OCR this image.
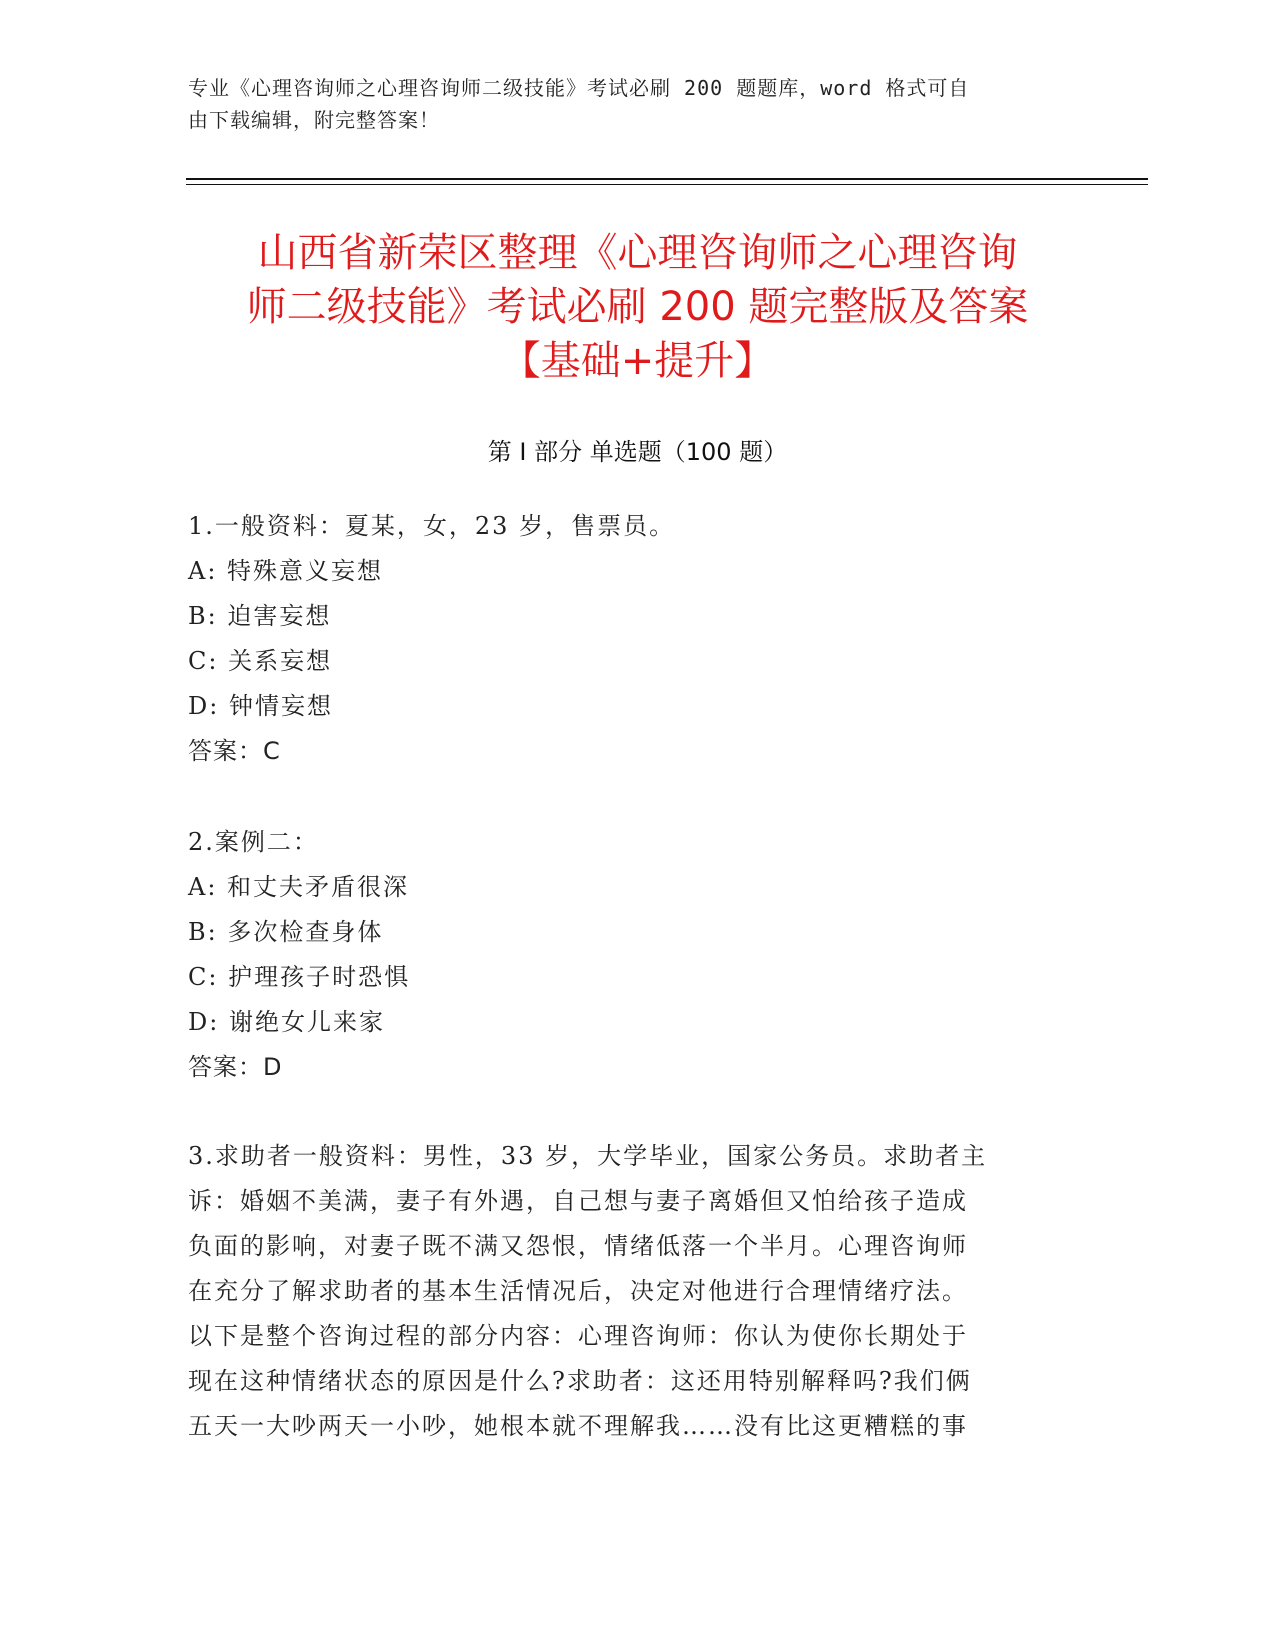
专业《心理咨询师之心理咨询师二级技能》考试必刷 200 题题库，word 格式可自
由下载编辑，附完整答案！
山西省新荣区整理《心理咨询师之心理咨询
师二级技能》考试必刷 200 题完整版及答案
【基础+提升】
第 I 部分 单选题（100 题）
1.一般资料：夏某，女，23 岁，售票员。
A: 特殊意义妄想
B: 迫害妄想
C: 关系妄想
D: 钟情妄想
答案：C
2.案例二：
A: 和丈夫矛盾很深
B: 多次检查身体
C: 护理孩子时恐惧
D: 谢绝女儿来家
答案：D
3.求助者一般资料：男性，33 岁，大学毕业，国家公务员。求助者主
诉：婚姻不美满，妻子有外遇，自己想与妻子离婚但又怕给孩子造成
负面的影响，对妻子既不满又怨恨，情绪低落一个半月。心理咨询师
在充分了解求助者的基本生活情况后，决定对他进行合理情绪疗法。
以下是整个咨询过程的部分内容：心理咨询师：你认为使你长期处于
现在这种情绪状态的原因是什么?求助者：这还用特别解释吗?我们俩
五天一大吵两天一小吵，她根本就不理解我……没有比这更糟糕的事
